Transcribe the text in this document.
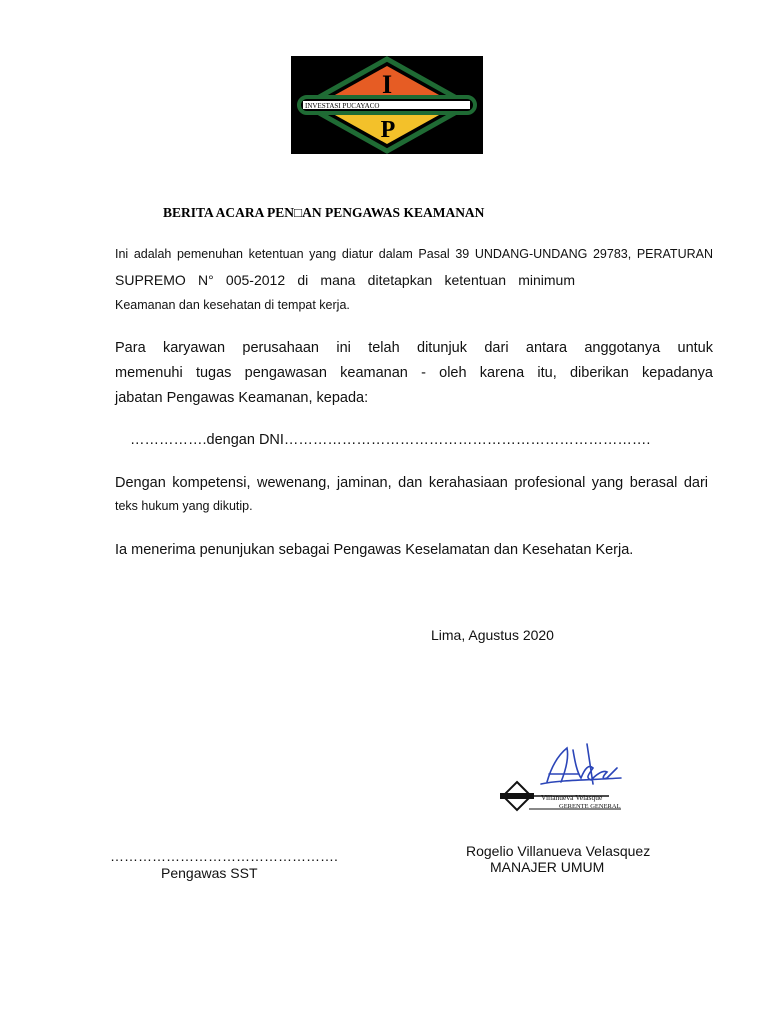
INVESTASI PUCAYACO
I
P
BERITA ACARA PEN□AN PENGAWAS KEAMANAN
Ini adalah pemenuhan ketentuan yang diatur dalam Pasal 39 UNDANG-UNDANG 29783, PERATURAN
SUPREMO N° 005-2012 di mana ditetapkan ketentuan minimum
Keamanan dan kesehatan di tempat kerja.
Para karyawan perusahaan ini telah ditunjuk dari antara anggotanya untuk
memenuhi tugas pengawasan keamanan - oleh karena itu, diberikan kepadanya
jabatan Pengawas Keamanan, kepada:
…………….dengan DNI………………………………………………………………….
Dengan kompetensi, wewenang, jaminan, dan kerahasiaan profesional yang berasal dari
teks hukum yang dikutip.
Ia menerima penunjukan sebagai Pengawas Keselamatan dan Kesehatan Kerja.
Lima, Agustus 2020
Villanueva Velasque
GERENTE GENERAL
Rogelio Villanueva Velasquez
MANAJER UMUM
………………………………………….
Pengawas SST
